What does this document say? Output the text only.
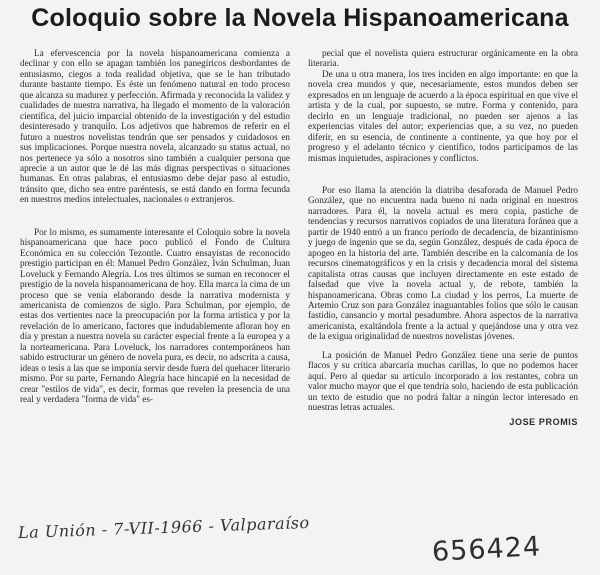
Coloquio sobre la Novela Hispanoamericana

La efervescencia por la novela hispanoamericana comienza a declinar y con ello se apagan también los panegíricos desbordantes de entusiasmo, ciegos a toda realidad objetiva, que se le han tributado durante bastante tiempo. Es éste un fenómeno natural en todo proceso que alcanza su madurez y perfección. Afirmada y reconocida la validez y cualidades de nuestra narrativa, ha llegado el momento de la valoración científica, del juicio imparcial obtenido de la investigación y del estudio desinteresado y tranquilo. Los adjetivos que habremos de referir en el futuro a nuestros novelistas tendrán que ser pensados y cuidadosos en sus implicaciones. Porque nuestra novela, alcanzado su status actual, no nos pertenece ya sólo a nosotros sino también a cualquier persona que aprecie a un autor que le dé las más dignas perspectivas o situaciones humanas. En otras palabras, el entusiasmo debe dejar paso al estudio, tránsito que, dicho sea entre paréntesis, se está dando en forma fecunda en nuestros medios intelectuales, nacionales o extranjeros.

Por lo mismo, es sumamente interesante el Coloquio sobre la novela hispanoamericana que hace poco publicó el Fondo de Cultura Económica en su colección Tezontle. Cuatro ensayistas de reconocido prestigio participan en él: Manuel Pedro González, Iván Schulman, Juan Loveluck y Fernando Alegría. Los tres últimos se suman en reconocer el prestigio de la novela hispanoamericana de hoy. Ella marca la cima de un proceso que se venía elaborando desde la narrativa modernista y americanista de comienzos de siglo. Para Schulman, por ejemplo, de estas dos vertientes nace la preocupación por la forma artística y por la revelación de lo americano, factores que indudablemente afloran hoy en día y prestan a nuestra novela su carácter especial frente a la europea y a la norteamericana. Para Loveluck, los narradores contemporáneos han sabido estructurar un género de novela pura, es decir, no adscrita a causa, ideas o tesis a las que se imponía servir desde fuera del quehacer literario mismo. Por su parte, Fernando Alegría hace hincapié en la necesidad de crear "estilos de vida", es decir, formas que revelen la presencia de una real y verdadera "forma de vida" es-

pecial que el novelista quiera estructurar orgánicamente en la obra literaria.

De una u otra manera, los tres inciden en algo importante: en que la novela crea mundos y que, necesariamente, estos mundos deben ser expresados en un lenguaje de acuerdo a la época espiritual en que vive el artista y de la cual, por supuesto, se nutre. Forma y contenido, para decirlo en un lenguaje tradicional, no pueden ser ajenos a las experiencias vitales del autor; experiencias que, a su vez, no pueden diferir, en su esencia, de continente a continente, ya que hoy por el progreso y el adelanto técnico y científico, todos participamos de las mismas inquietudes, aspiraciones y conflictos.

Por eso llama la atención la diatriba desaforada de Manuel Pedro González, que no encuentra nada bueno ni nada original en nuestros narradores. Para él, la novela actual es mera copia, pastiche de tendencias y recursos narrativos copiados de una literatura foránea que a partir de 1940 entró a un franco período de decadencia, de bizantinismo y juego de ingenio que se da, según González, después de cada época de apogeo en la historia del arte. También describe en la calcomanía de los recursos cinematográficos y en la crisis y decadencia moral del sistema capitalista otras causas que incluyen directamente en este estado de falsedad que vive la novela actual y, de rebote, también la hispanoamericana. Obras como La ciudad y los perros, La muerte de Artemio Cruz son para González inaguantables folios que sólo le causan fastidio, cansancio y mortal pesadumbre. Ahora aspectos de la narrativa americanista, exaltándola frente a la actual y quejándose una y otra vez de la exigua originalidad de nuestros novelistas jóvenes.

La posición de Manuel Pedro González tiene una serie de puntos flacos y su crítica abarcaría muchas carillas, lo que no podemos hacer aquí. Pero al quedar su artículo incorporado a los restantes, cobra un valor mucho mayor que el que tendría solo, haciendo de esta publicación un texto de estudio que no podrá faltar a ningún lector interesado en nuestras letras actuales.

JOSE PROMIS
La Unión - 7-VII-1966 - Valparaíso
656424
